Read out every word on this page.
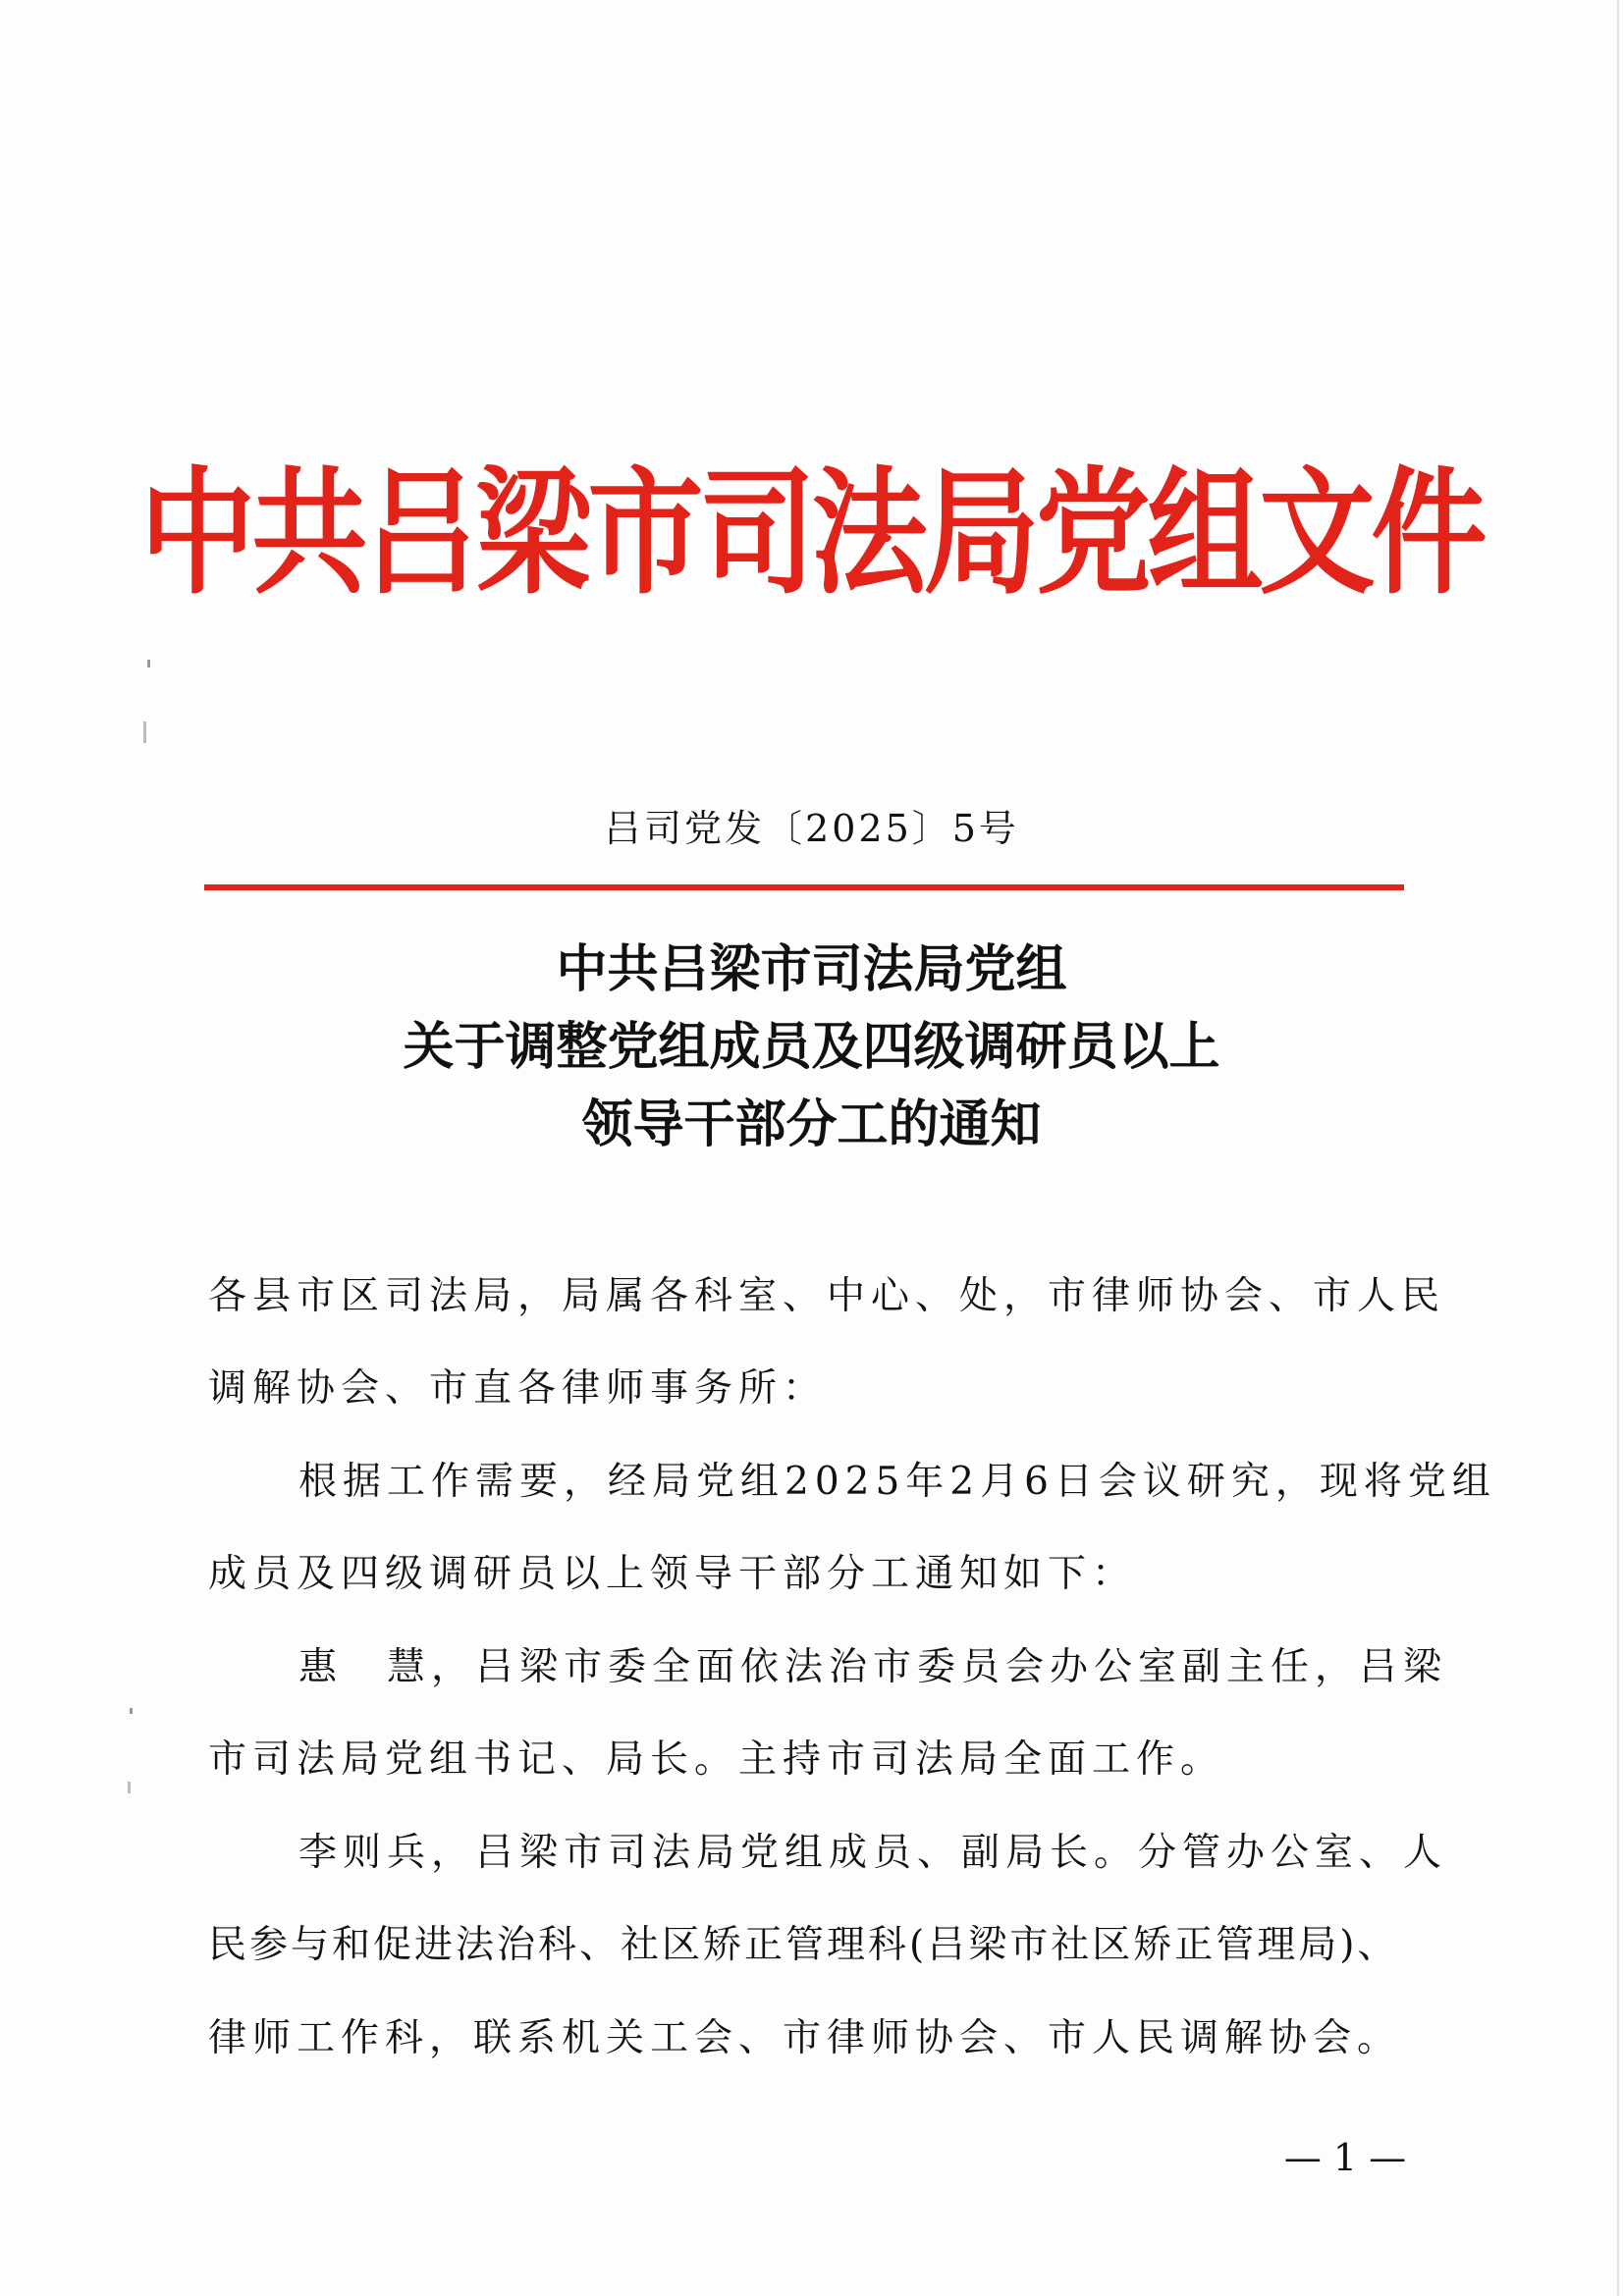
中共吕梁市司法局党组文件
吕司党发〔2025〕5号
中共吕梁市司法局党组
关于调整党组成员及四级调研员以上
领导干部分工的通知
各县市区司法局，局属各科室、中心、处，市律师协会、市人民
调解协会、市直各律师事务所：
根据工作需要，经局党组2025年2月6日会议研究，现将党组
成员及四级调研员以上领导干部分工通知如下：
惠　慧，吕梁市委全面依法治市委员会办公室副主任，吕梁
市司法局党组书记、局长。主持市司法局全面工作。
李则兵，吕梁市司法局党组成员、副局长。分管办公室、人
民参与和促进法治科、社区矫正管理科(吕梁市社区矫正管理局)、
律师工作科，联系机关工会、市律师协会、市人民调解协会。
— 1 —
